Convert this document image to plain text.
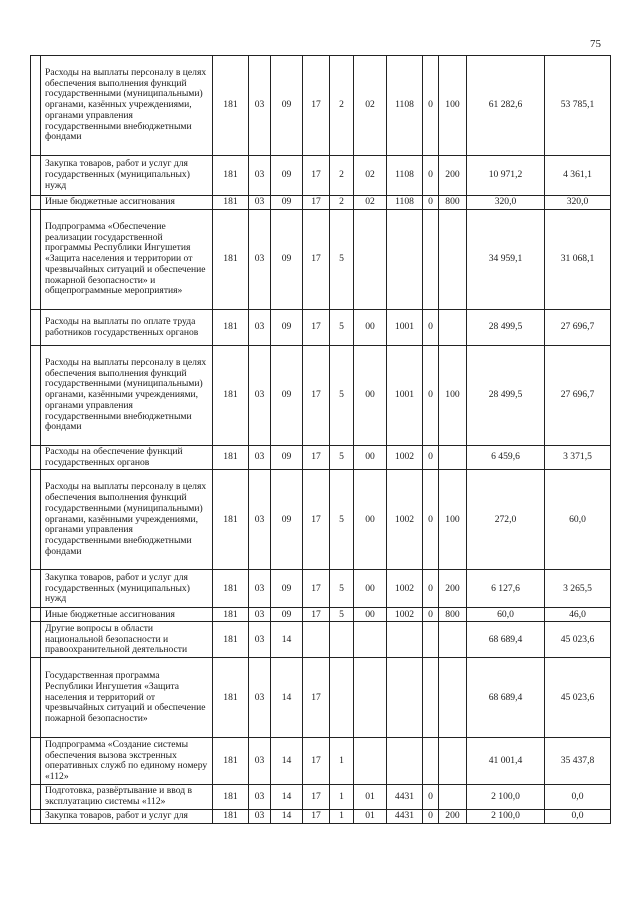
75
	Расходы на выплаты персоналу в целях обеспечения выполнения функций государственными (муниципальными) органами, казённых учреждениями, органами управления государственными внебюджетными фондами	181	03	09	17	2	02	1108	0	100	61 282,6	53 785,1
	Закупка товаров, работ и услуг для государственных (муниципальных) нужд	181	03	09	17	2	02	1108	0	200	10 971,2	4 361,1
	Иные бюджетные ассигнования	181	03	09	17	2	02	1108	0	800	320,0	320,0
	Подпрограмма «Обеспечение реализации государственной программы Республики Ингушетия «Защита населения и территории от чрезвычайных ситуаций и обеспечение пожарной безопасности» и общепрограммные мероприятия»	181	03	09	17	5					34 959,1	31 068,1
	Расходы на выплаты по оплате труда работников государственных органов	181	03	09	17	5	00	1001	0		28 499,5	27 696,7
	Расходы на выплаты персоналу в целях обеспечения выполнения функций государственными (муниципальными) органами, казёнными учреждениями, органами управления государственными внебюджетными фондами	181	03	09	17	5	00	1001	0	100	28 499,5	27 696,7
	Расходы на обеспечение функций государственных органов	181	03	09	17	5	00	1002	0		6 459,6	3 371,5
	Расходы на выплаты персоналу в целях обеспечения выполнения функций государственными (муниципальными) органами, казёнными учреждениями, органами управления государственными внебюджетными фондами	181	03	09	17	5	00	1002	0	100	272,0	60,0
	Закупка товаров, работ и услуг для государственных (муниципальных) нужд	181	03	09	17	5	00	1002	0	200	6 127,6	3 265,5
	Иные бюджетные ассигнования	181	03	09	17	5	00	1002	0	800	60,0	46,0
	Другие вопросы в области национальной безопасности и правоохранительной деятельности	181	03	14							68 689,4	45 023,6
	Государственная программа Республики Ингушетия «Защита населения и территорий от чрезвычайных ситуаций и обеспечение пожарной безопасности»	181	03	14	17						68 689,4	45 023,6
	Подпрограмма «Создание системы обеспечения вызова экстренных оперативных служб по единому номеру «112»	181	03	14	17	1					41 001,4	35 437,8
	Подготовка, развёртывание и ввод в эксплуатацию системы «112»	181	03	14	17	1	01	4431	0		2 100,0	0,0
	Закупка товаров, работ и услуг для	181	03	14	17	1	01	4431	0	200	2 100,0	0,0
